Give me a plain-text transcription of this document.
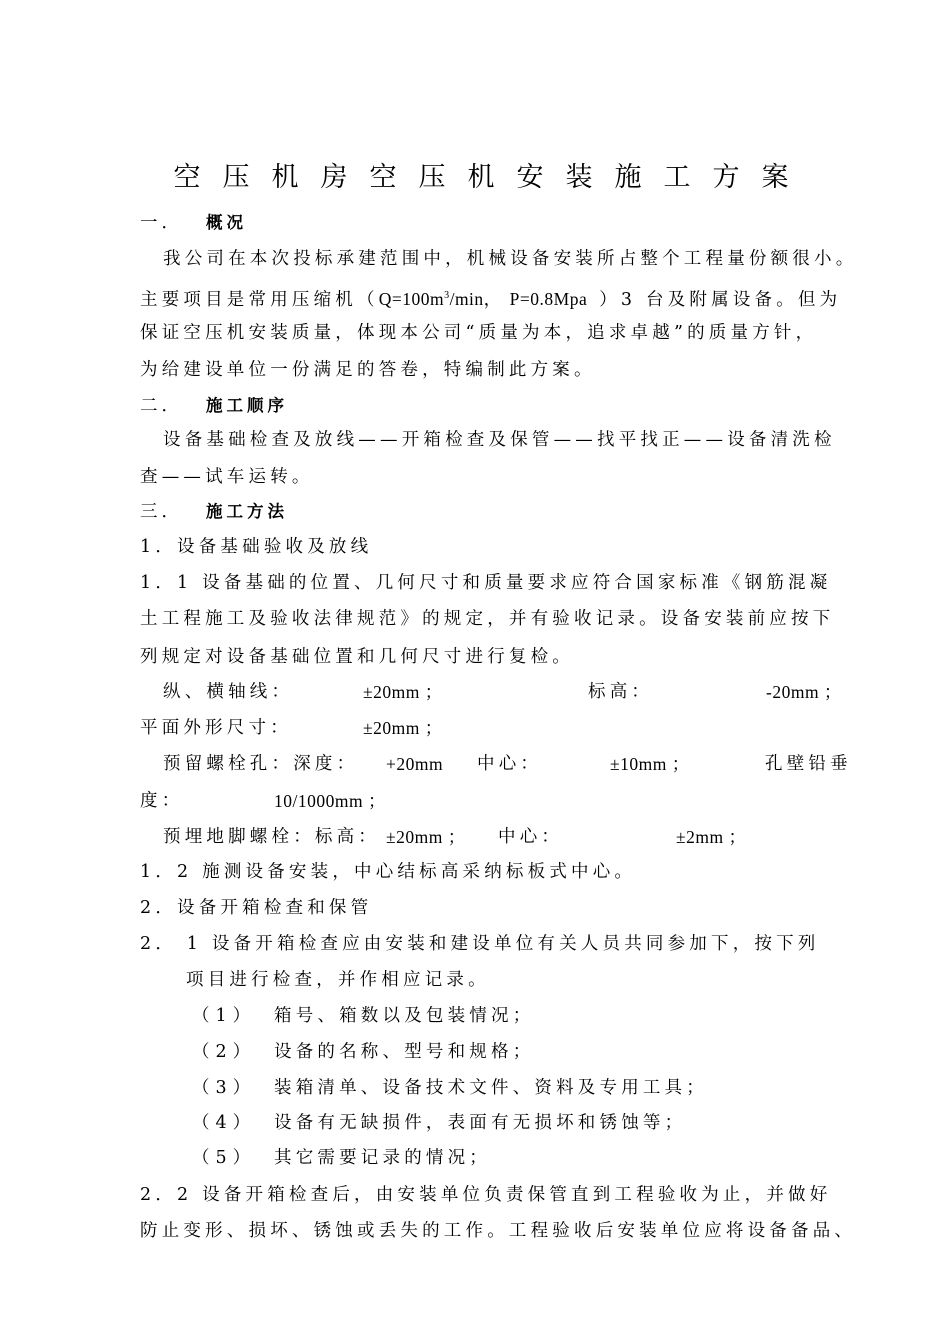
空压机房空压机安装施工方案
一． 概况
我公司在本次投标承建范围中，机械设备安装所占整个工程量份额很小。
主要项目是常用压缩机（$Q=100m^3/\min$， P=0.8Mpa ）3 台及附属设备。但为
保证空压机安装质量，体现本公司“质量为本，追求卓越”的质量方针，
为给建设单位一份满足的答卷，特编制此方案。
二． 施工顺序
设备基础检查及放线——开箱检查及保管——找平找正——设备清洗检
查——试车运转。
三． 施工方法
1．设备基础验收及放线
1．1 设备基础的位置、几何尺寸和质量要求应符合国家标准《钢筋混凝
土工程施工及验收法律规范》的规定，并有验收记录。设备安装前应按下
列规定对设备基础位置和几何尺寸进行复检。
纵、横轴线：	±20mm ；	标高：	-20mm ；
平面外形尺寸：	±20mm ；
预留螺栓孔：深度： +20mm 中心：	±10mm ；	孔壁铅垂
度：	10/1000mm ；
预埋地脚螺栓：标高： ±20mm ； 中心：	±2mm ；
1．2 施测设备安装，中心结标高采纳标板式中心。
2．设备开箱检查和保管
2． 1 设备开箱检查应由安装和建设单位有关人员共同参加下，按下列
项目进行检查，并作相应记录。
（1） 箱号、箱数以及包装情况；
（2） 设备的名称、型号和规格；
（3） 装箱清单、设备技术文件、资料及专用工具；
（4） 设备有无缺损件，表面有无损坏和锈蚀等；
（5） 其它需要记录的情况；
2．2 设备开箱检查后，由安装单位负责保管直到工程验收为止，并做好
防止变形、损坏、锈蚀或丢失的工作。工程验收后安装单位应将设备备品、
